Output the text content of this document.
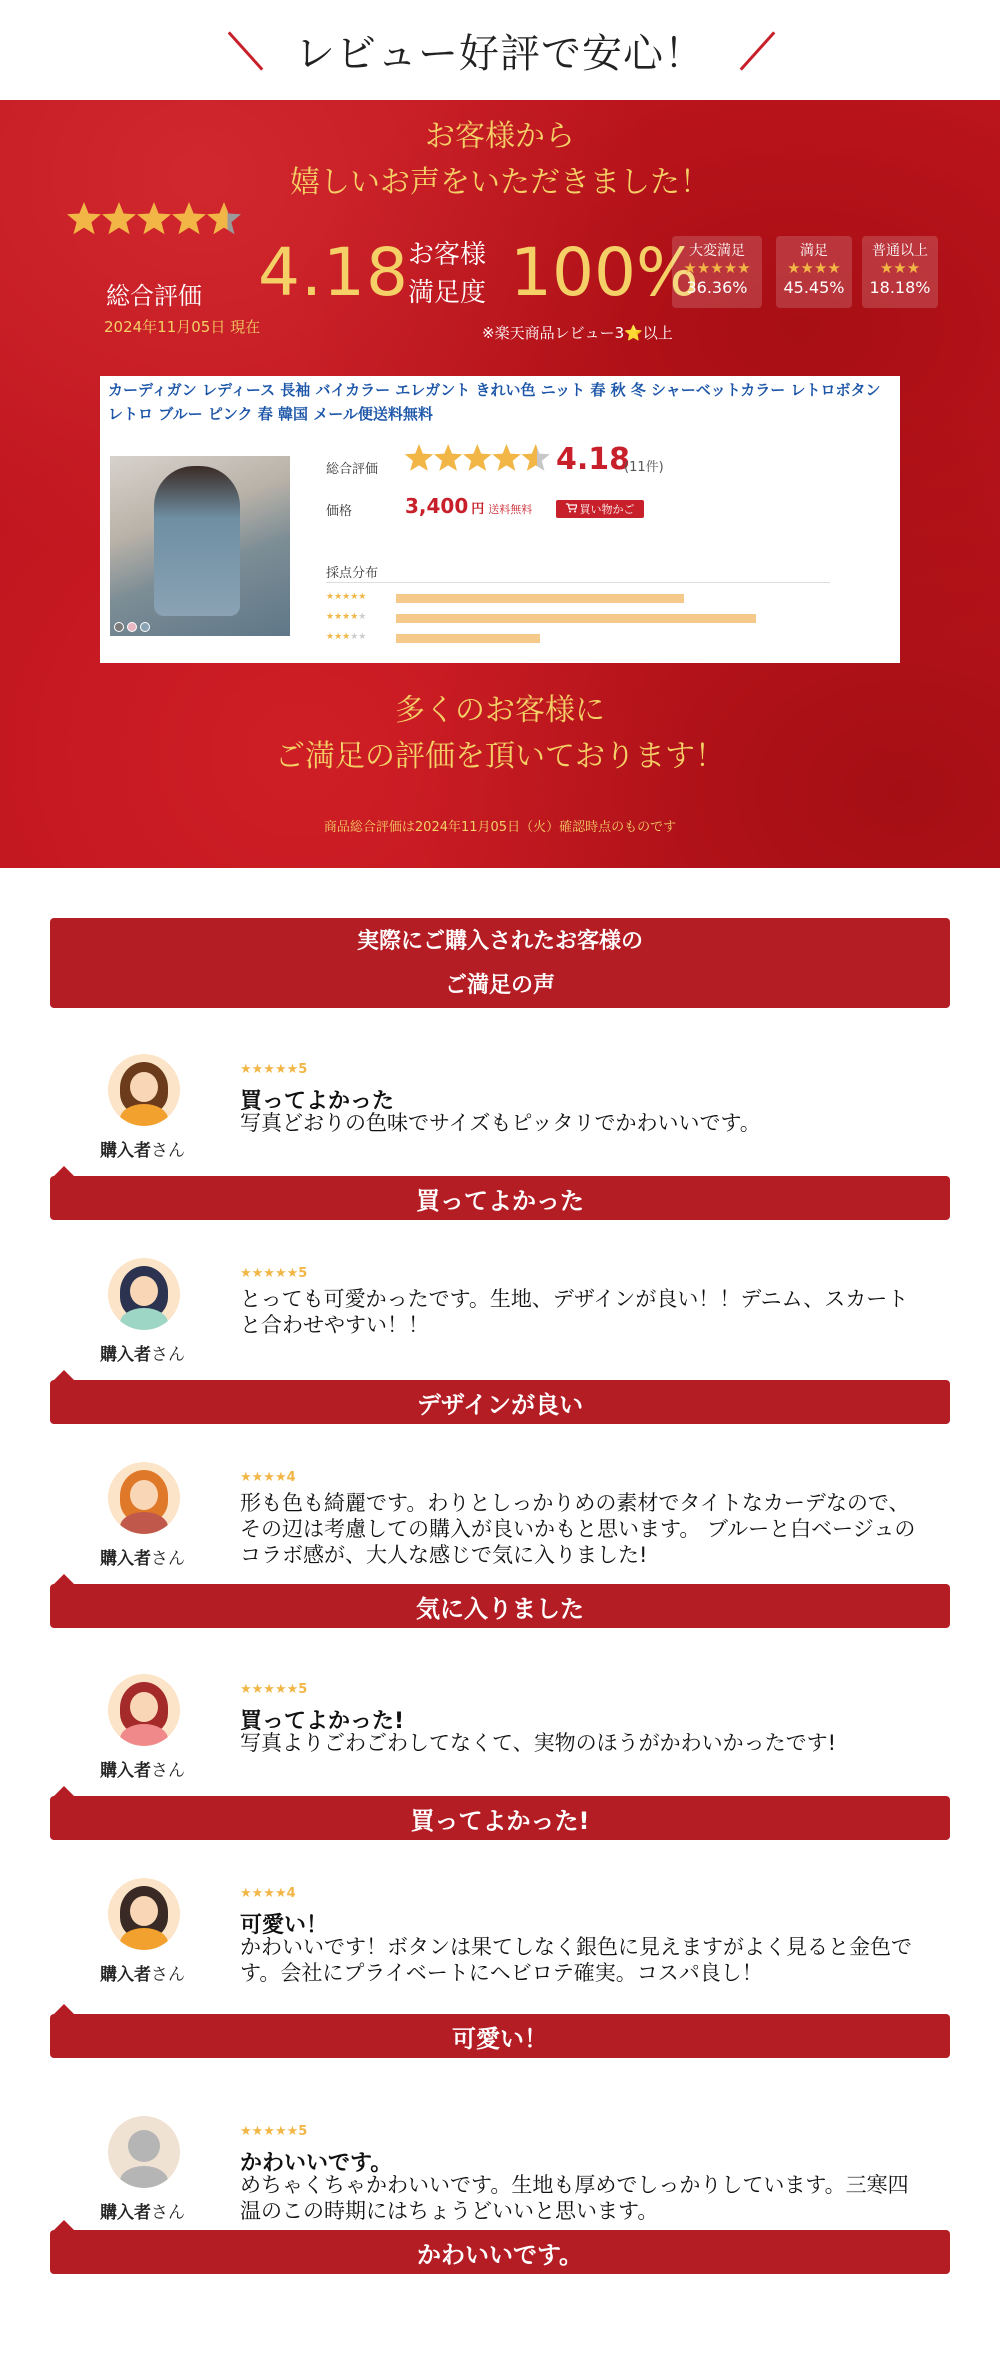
レビュー好評で安心！
お客様から
嬉しいお声をいただきました！
総合評価
2024年11月05日 現在
4.18 お客様
満足度 100%
※楽天商品レビュー3⭐以上
大変満足
★★★★★
36.36%
満足
★★★★
45.45%
普通以上
★★★
18.18%
カーディガン レディース 長袖 バイカラー エレガント きれい色 ニット 春 秋 冬 シャーベットカラー レトロボタン レトロ ブルー ピンク 春 韓国 メール便送料無料
総合評価	4.18
(11件)
価格	3,400 円 送料無料	買い物かご
採点分布
★★★★★
★★★★★
★★★★★
多くのお客様に
ご満足の評価を頂いております！
商品総合評価は2024年11月05日（火）確認時点のものです
実際にご購入されたお客様の
ご満足の声
購入者さん
★★★★★5
買ってよかった
写真どおりの色味でサイズもピッタリでかわいいです。
買ってよかった
購入者さん
★★★★★5
とっても可愛かったです。生地、デザインが良い！！デニム、スカートと合わせやすい！！
デザインが良い
購入者さん
★★★★4
形も色も綺麗です。わりとしっかりめの素材でタイトなカーデなので、その辺は考慮しての購入が良いかもと思います。 ブルーと白ベージュのコラボ感が、大人な感じで気に入りました!
気に入りました
購入者さん
★★★★★5
買ってよかった!
写真よりごわごわしてなくて、実物のほうがかわいかったです!
買ってよかった!
購入者さん
★★★★4
可愛い！
かわいいです！ボタンは果てしなく銀色に見えますがよく見ると金色です。会社にプライベートにヘビロテ確実。コスパ良し！
可愛い！
購入者さん
★★★★★5
かわいいです。
めちゃくちゃかわいいです。生地も厚めでしっかりしています。三寒四温のこの時期にはちょうどいいと思います。
かわいいです。
